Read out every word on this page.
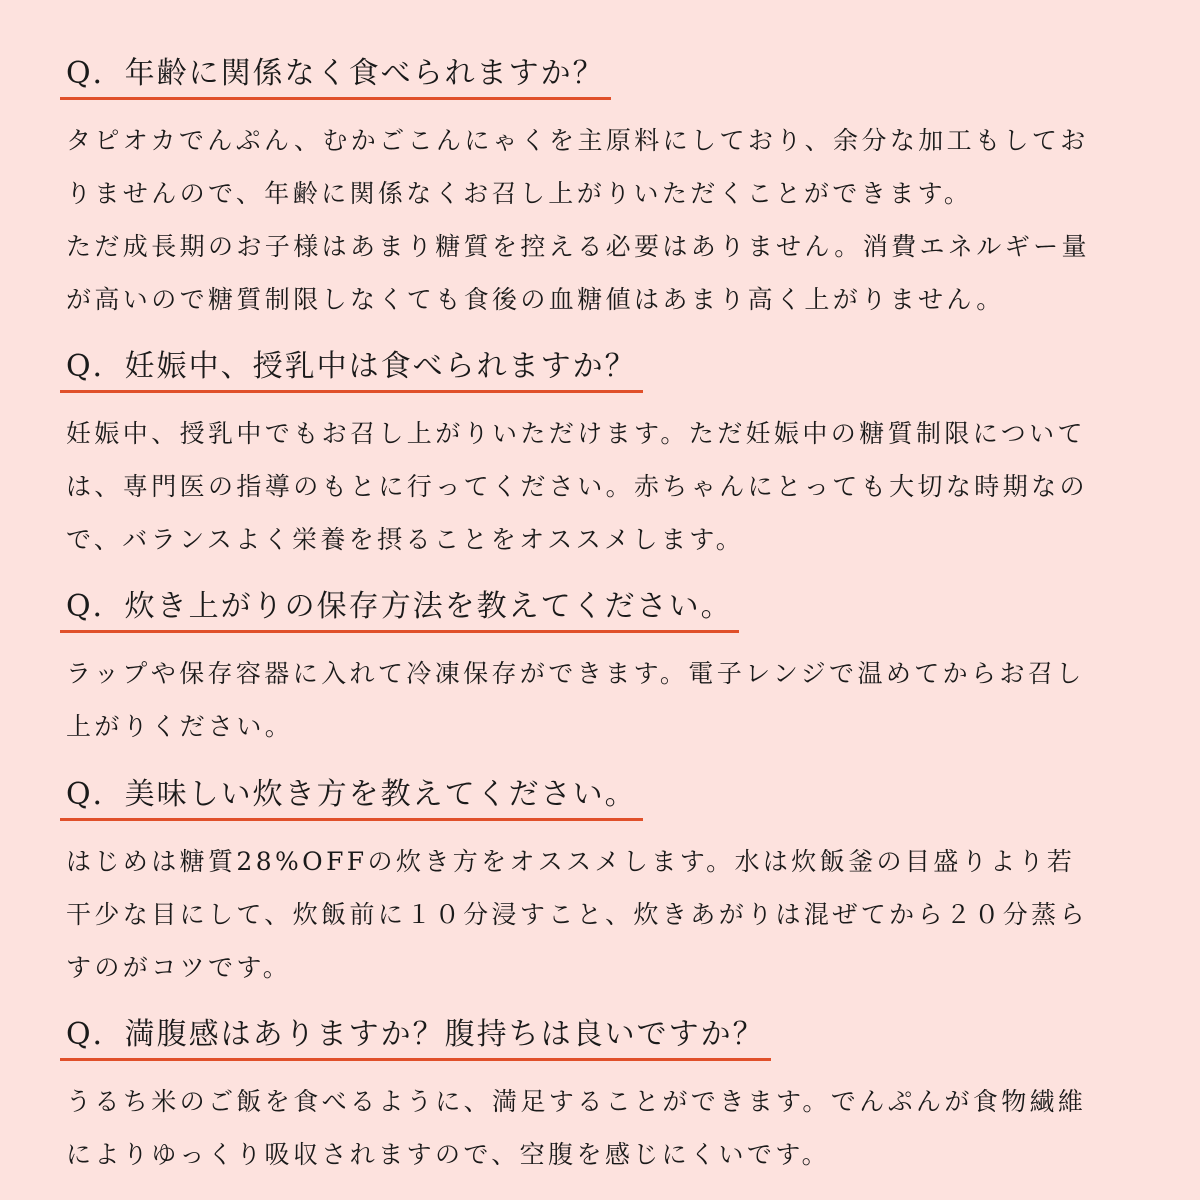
Q．年齢に関係なく食べられますか？
タピオカでんぷん、むかごこんにゃくを主原料にしており、余分な加工もしてお
りませんので、年齢に関係なくお召し上がりいただくことができます。
ただ成長期のお子様はあまり糖質を控える必要はありません。消費エネルギー量
が高いので糖質制限しなくても食後の血糖値はあまり高く上がりません。
Q．妊娠中、授乳中は食べられますか？
妊娠中、授乳中でもお召し上がりいただけます。ただ妊娠中の糖質制限について
は、専門医の指導のもとに行ってください。赤ちゃんにとっても大切な時期なの
で、バランスよく栄養を摂ることをオススメします。
Q．炊き上がりの保存方法を教えてください。
ラップや保存容器に入れて冷凍保存ができます。電子レンジで温めてからお召し
上がりください。
Q．美味しい炊き方を教えてください。
はじめは糖質28%OFFの炊き方をオススメします。水は炊飯釜の目盛りより若
干少な目にして、炊飯前に１０分浸すこと、炊きあがりは混ぜてから２０分蒸ら
すのがコツです。
Q．満腹感はありますか？腹持ちは良いですか？
うるち米のご飯を食べるように、満足することができます。でんぷんが食物繊維
によりゆっくり吸収されますので、空腹を感じにくいです。
